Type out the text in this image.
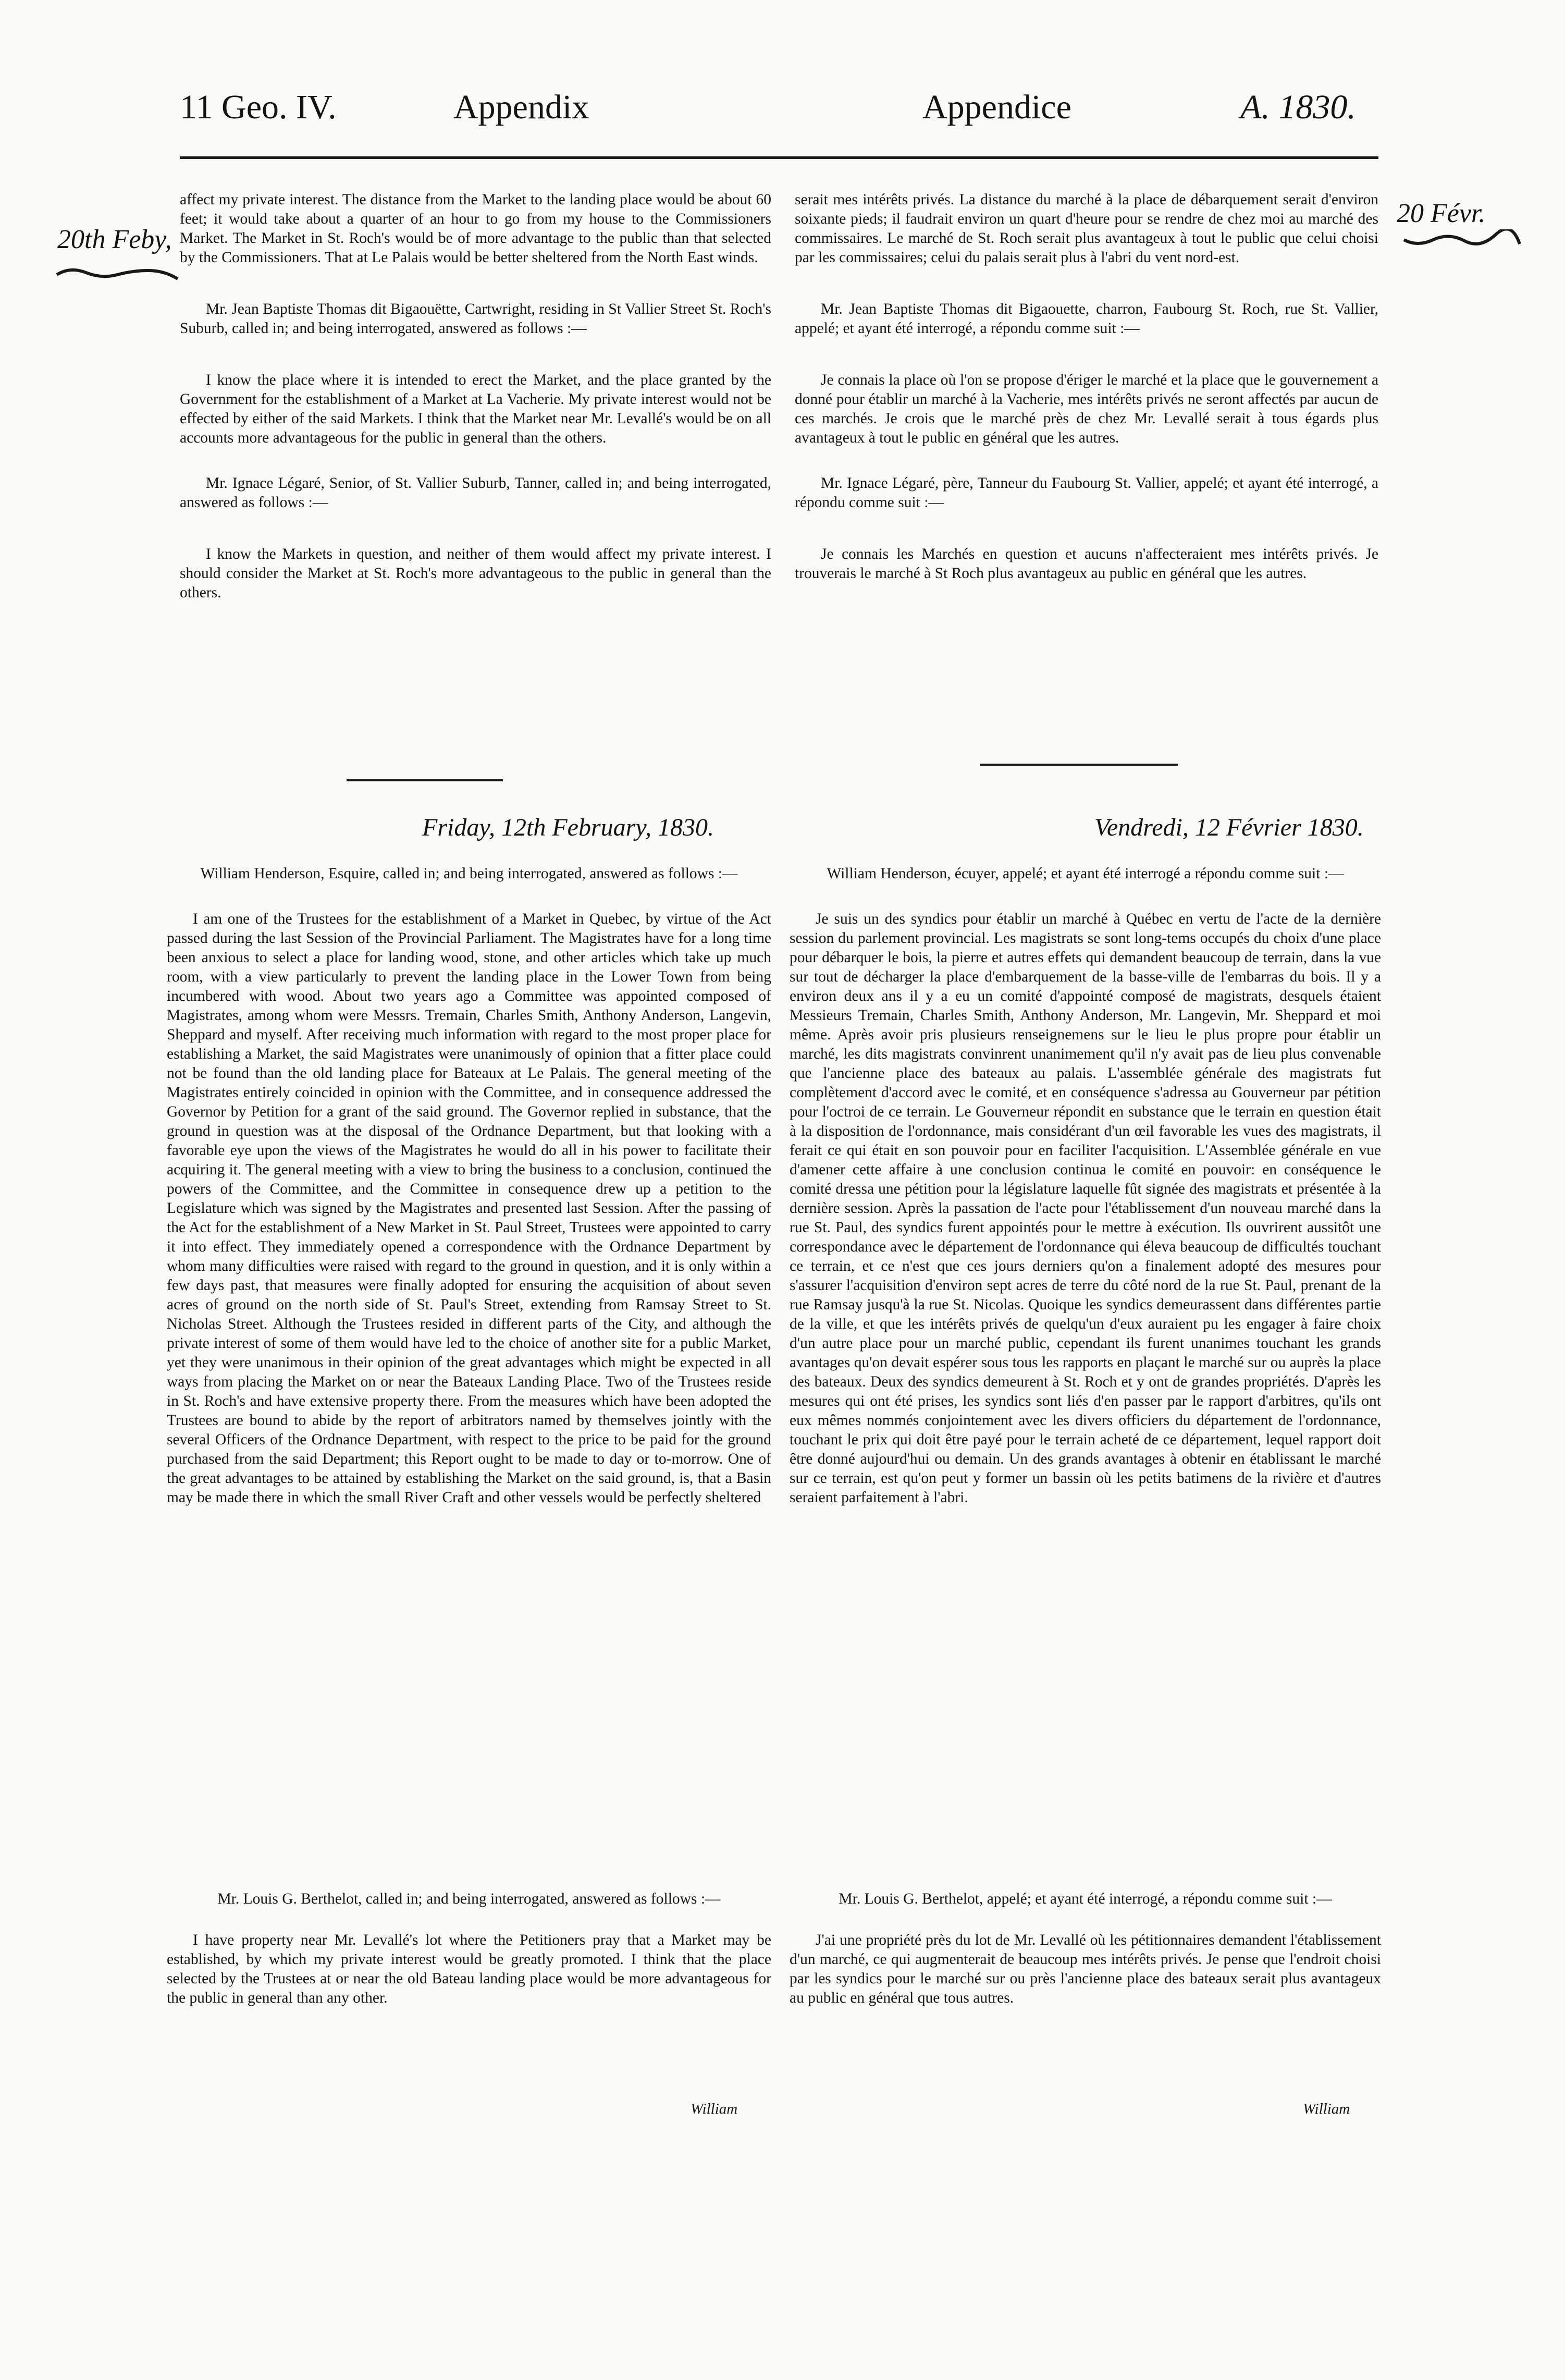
11 Geo. IV.	Appendix	Appendice	A. 1830.
20th Feby,
20 Févr.

affect my private interest. The distance from the Market to the landing place would be about 60 feet; it would take about a quarter of an hour to go from my house to the Commissioners Market. The Market in St. Roch's would be of more advantage to the public than that selected by the Commissioners. That at Le Palais would be better sheltered from the North East winds.

Mr. Jean Baptiste Thomas dit Bigaouëtte, Cartwright, residing in St Vallier Street St. Roch's Suburb, called in; and being interrogated, answered as follows :—

I know the place where it is intended to erect the Market, and the place granted by the Government for the establishment of a Market at La Vacherie. My private interest would not be effected by either of the said Markets. I think that the Market near Mr. Levallé's would be on all accounts more advantageous for the public in general than the others.

Mr. Ignace Légaré, Senior, of St. Vallier Suburb, Tanner, called in; and being interrogated, answered as follows :—

I know the Markets in question, and neither of them would affect my private interest. I should consider the Market at St. Roch's more advantageous to the public in general than the others.

serait mes intérêts privés. La distance du marché à la place de débarquement serait d'environ soixante pieds; il faudrait environ un quart d'heure pour se rendre de chez moi au marché des commissaires. Le marché de St. Roch serait plus avantageux à tout le public que celui choisi par les commissaires; celui du palais serait plus à l'abri du vent nord-est.

Mr. Jean Baptiste Thomas dit Bigaouette, charron, Faubourg St. Roch, rue St. Vallier, appelé; et ayant été interrogé, a répondu comme suit :—

Je connais la place où l'on se propose d'ériger le marché et la place que le gouvernement a donné pour établir un marché à la Vacherie, mes intérêts privés ne seront affectés par aucun de ces marchés. Je crois que le marché près de chez Mr. Levallé serait à tous égards plus avantageux à tout le public en général que les autres.

Mr. Ignace Légaré, père, Tanneur du Faubourg St. Vallier, appelé; et ayant été interrogé, a répondu comme suit :—

Je connais les Marchés en question et aucuns n'affecteraient mes intérêts privés. Je trouverais le marché à St Roch plus avantageux au public en général que les autres.

Friday, 12th February, 1830.	Vendredi, 12 Février 1830.

William Henderson, Esquire, called in; and being interrogated, answered as follows :—

I am one of the Trustees for the establishment of a Market in Quebec, by virtue of the Act passed during the last Session of the Provincial Parliament. The Magistrates have for a long time been anxious to select a place for landing wood, stone, and other articles which take up much room, with a view particularly to prevent the landing place in the Lower Town from being incumbered with wood. About two years ago a Committee was appointed composed of Magistrates, among whom were Messrs. Tremain, Charles Smith, Anthony Anderson, Langevin, Sheppard and myself. After receiving much information with regard to the most proper place for establishing a Market, the said Magistrates were unanimously of opinion that a fitter place could not be found than the old landing place for Bateaux at Le Palais. The general meeting of the Magistrates entirely coincided in opinion with the Committee, and in consequence addressed the Governor by Petition for a grant of the said ground. The Governor replied in substance, that the ground in question was at the disposal of the Ordnance Department, but that looking with a favorable eye upon the views of the Magistrates he would do all in his power to facilitate their acquiring it. The general meeting with a view to bring the business to a conclusion, continued the powers of the Committee, and the Committee in consequence drew up a petition to the Legislature which was signed by the Magistrates and presented last Session. After the passing of the Act for the establishment of a New Market in St. Paul Street, Trustees were appointed to carry it into effect. They immediately opened a correspondence with the Ordnance Department by whom many difficulties were raised with regard to the ground in question, and it is only within a few days past, that measures were finally adopted for ensuring the acquisition of about seven acres of ground on the north side of St. Paul's Street, extending from Ramsay Street to St. Nicholas Street. Although the Trustees resided in different parts of the City, and although the private interest of some of them would have led to the choice of another site for a public Market, yet they were unanimous in their opinion of the great advantages which might be expected in all ways from placing the Market on or near the Bateaux Landing Place. Two of the Trustees reside in St. Roch's and have extensive property there. From the measures which have been adopted the Trustees are bound to abide by the report of arbitrators named by themselves jointly with the several Officers of the Ordnance Department, with respect to the price to be paid for the ground purchased from the said Department; this Report ought to be made to day or to-morrow. One of the great advantages to be attained by establishing the Market on the said ground, is, that a Basin may be made there in which the small River Craft and other vessels would be perfectly sheltered

William Henderson, écuyer, appelé; et ayant été interrogé a répondu comme suit :—

Je suis un des syndics pour établir un marché à Québec en vertu de l'acte de la dernière session du parlement provincial. Les magistrats se sont long-tems occupés du choix d'une place pour débarquer le bois, la pierre et autres effets qui demandent beaucoup de terrain, dans la vue sur tout de décharger la place d'embarquement de la basse-ville de l'embarras du bois. Il y a environ deux ans il y a eu un comité d'appointé composé de magistrats, desquels étaient Messieurs Tremain, Charles Smith, Anthony Anderson, Mr. Langevin, Mr. Sheppard et moi même. Après avoir pris plusieurs renseignemens sur le lieu le plus propre pour établir un marché, les dits magistrats convinrent unanimement qu'il n'y avait pas de lieu plus convenable que l'ancienne place des bateaux au palais. L'assemblée générale des magistrats fut complètement d'accord avec le comité, et en conséquence s'adressa au Gouverneur par pétition pour l'octroi de ce terrain. Le Gouverneur répondit en substance que le terrain en question était à la disposition de l'ordonnance, mais considérant d'un œil favorable les vues des magistrats, il ferait ce qui était en son pouvoir pour en faciliter l'acquisition. L'Assemblée générale en vue d'amener cette affaire à une conclusion continua le comité en pouvoir: en conséquence le comité dressa une pétition pour la législature laquelle fût signée des magistrats et présentée à la dernière session. Après la passation de l'acte pour l'établissement d'un nouveau marché dans la rue St. Paul, des syndics furent appointés pour le mettre à exécution. Ils ouvrirent aussitôt une correspondance avec le département de l'ordonnance qui éleva beaucoup de difficultés touchant ce terrain, et ce n'est que ces jours derniers qu'on a finalement adopté des mesures pour s'assurer l'acquisition d'environ sept acres de terre du côté nord de la rue St. Paul, prenant de la rue Ramsay jusqu'à la rue St. Nicolas. Quoique les syndics demeurassent dans différentes partie de la ville, et que les intérêts privés de quelqu'un d'eux auraient pu les engager à faire choix d'un autre place pour un marché public, cependant ils furent unanimes touchant les grands avantages qu'on devait espérer sous tous les rapports en plaçant le marché sur ou auprès la place des bateaux. Deux des syndics demeurent à St. Roch et y ont de grandes propriétés. D'après les mesures qui ont été prises, les syndics sont liés d'en passer par le rapport d'arbitres, qu'ils ont eux mêmes nommés conjointement avec les divers officiers du département de l'ordonnance, touchant le prix qui doit être payé pour le terrain acheté de ce département, lequel rapport doit être donné aujourd'hui ou demain. Un des grands avantages à obtenir en établissant le marché sur ce terrain, est qu'on peut y former un bassin où les petits batimens de la rivière et d'autres seraient parfaitement à l'abri.

Mr. Louis G. Berthelot, called in; and being interrogated, answered as follows :—

I have property near Mr. Levallé's lot where the Petitioners pray that a Market may be established, by which my private interest would be greatly promoted. I think that the place selected by the Trustees at or near the old Bateau landing place would be more advantageous for the public in general than any other.

Mr. Louis G. Berthelot, appelé; et ayant été interrogé, a répondu comme suit :—

J'ai une propriété près du lot de Mr. Levallé où les pétitionnaires demandent l'établissement d'un marché, ce qui augmenterait de beaucoup mes intérêts privés. Je pense que l'endroit choisi par les syndics pour le marché sur ou près l'ancienne place des bateaux serait plus avantageux au public en général que tous autres.

William	William
